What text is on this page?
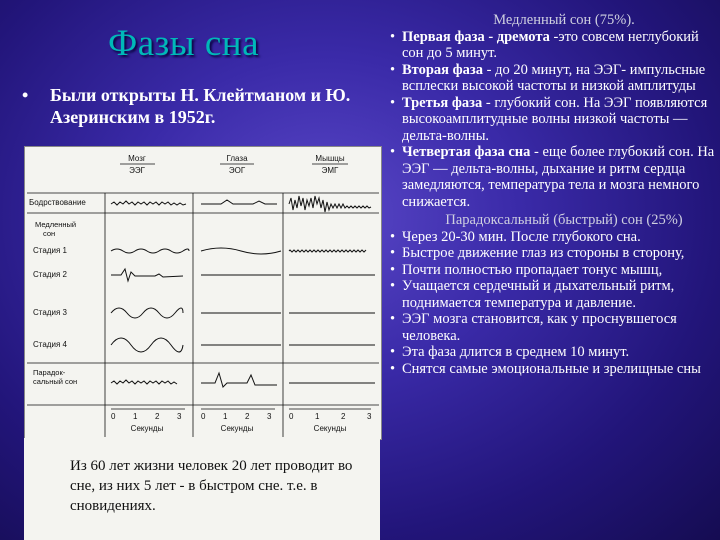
Фазы сна
• Были открыты Н. Клейтманом и Ю. Азеринским в 1952г.
Мозг
ЭЭГ
Глаза
ЭОГ
Мышцы
ЭМГ
Бодрствование
Медленный сон
Стадия 1
Стадия 2
Стадия 3
Стадия 4
Парадок-сальный сон
0 1 2 3
Секунды
0 1 2 3
Секунды
0	1	2	3
Секунды
Из 60 лет жизни человек 20 лет проводит во сне, из них 5 лет - в быстром сне. т.е. в сновидениях.
Медленный сон (75%).
• Первая фаза - дремота -это совсем неглубокий сон до 5 минут.
• Вторая фаза - до 20 минут, на ЭЭГ- импульсные всплески высокой частоты и низкой амплитуды
• Третья фаза - глубокий сон. На ЭЭГ появляются высокоамплитудные волны низкой частоты — дельта-волны.
• Четвертая фаза сна - еще более глубокий сон. На ЭЭГ — дельта-волны, дыхание и ритм сердца замедляются, температура тела и мозга немного снижается.
Парадоксальный (быстрый) сон (25%)
• Через 20-30 мин. После глубокого сна.
• Быстрое движение глаз из стороны в сторону,
• Почти полностью пропадает тонус мышц,
• Учащается сердечный и дыхательный ритм, поднимается температура и давление.
• ЭЭГ мозга становится, как у проснувшегося человека.
• Эта фаза длится в среднем 10 минут.
• Снятся самые эмоциональные и зрелищные сны
